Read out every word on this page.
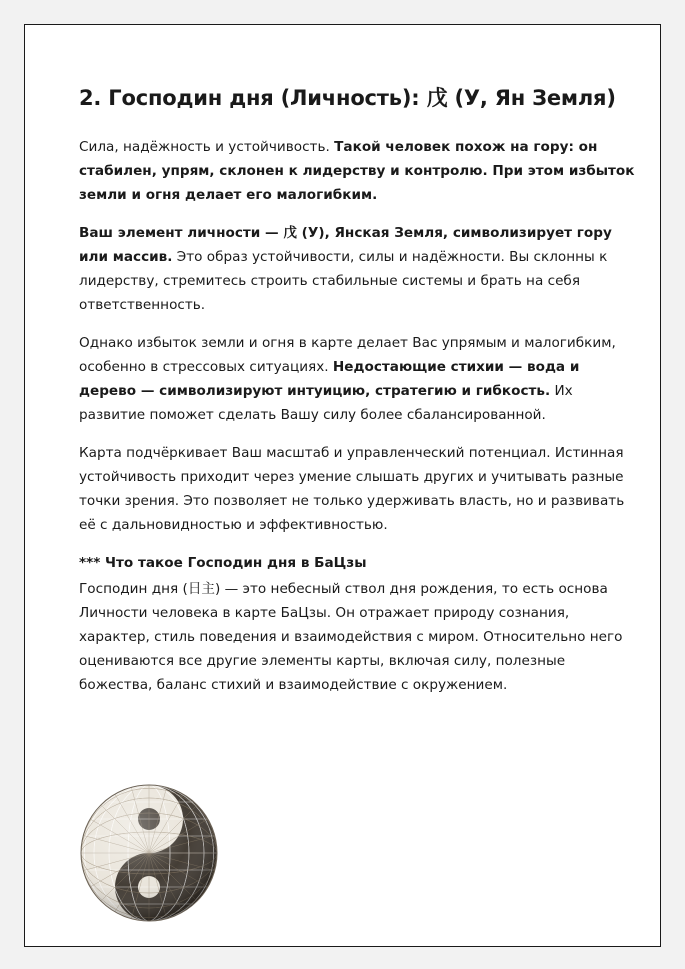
2. Господин дня (Личность): 戊 (У, Ян Земля)

Сила, надёжность и устойчивость. Такой человек похож на гору: он стабилен, упрям, склонен к лидерству и контролю. При этом избыток земли и огня делает его малогибким.

Ваш элемент личности — 戊 (У), Янская Земля, символизирует гору или массив. Это образ устойчивости, силы и надёжности. Вы склонны к лидерству, стремитесь строить стабильные системы и брать на себя ответственность.

Однако избыток земли и огня в карте делает Вас упрямым и малогибким, особенно в стрессовых ситуациях. Недостающие стихии — вода и дерево — символизируют интуицию, стратегию и гибкость. Их развитие поможет сделать Вашу силу более сбалансированной.

Карта подчёркивает Ваш масштаб и управленческий потенциал. Истинная устойчивость приходит через умение слышать других и учитывать разные точки зрения. Это позволяет не только удерживать власть, но и развивать её с дальновидностью и эффективностью.

*** Что такое Господин дня в БаЦзы

Господин дня (日主) — это небесный ствол дня рождения, то есть основа Личности человека в карте БаЦзы. Он отражает природу сознания, характер, стиль поведения и взаимодействия с миром. Относительно него оцениваются все другие элементы карты, включая силу, полезные божества, баланс стихий и взаимодействие с окружением.
